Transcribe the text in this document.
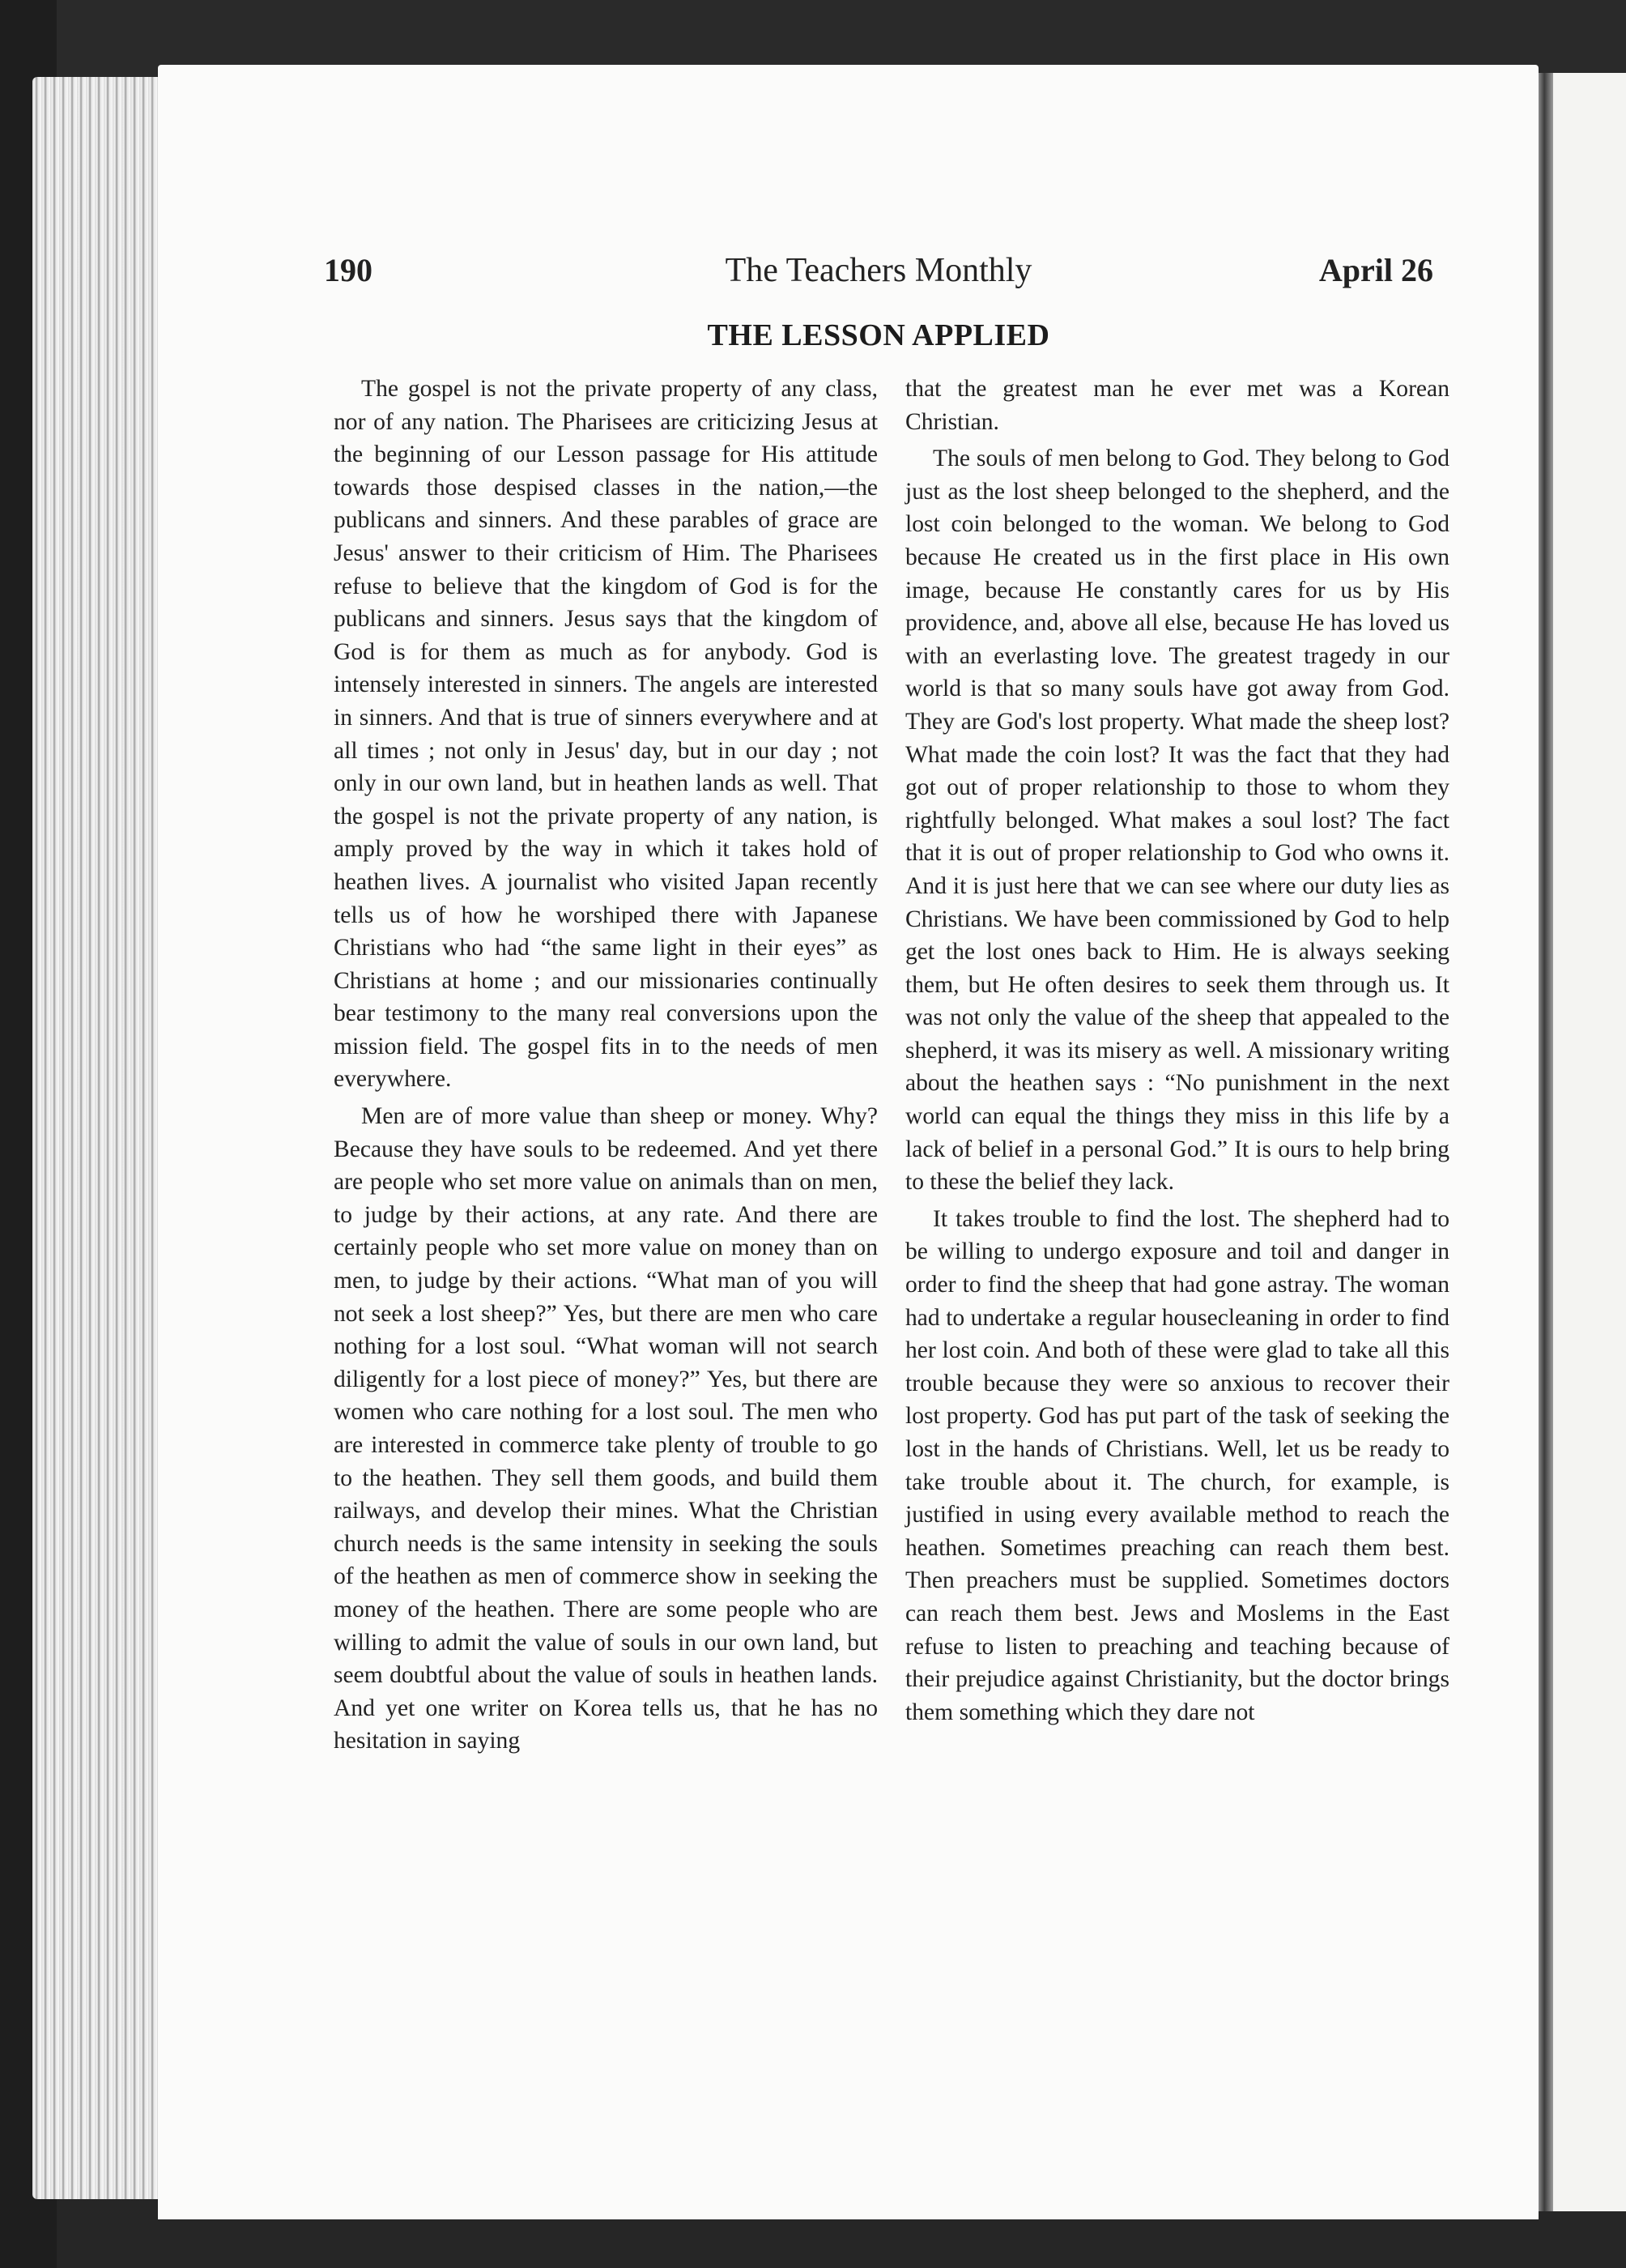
The Teachers Monthly
190	April 26
THE LESSON APPLIED

The gospel is not the private property of any class, nor of any nation. The Pharisees are criticizing Jesus at the beginning of our Lesson passage for His attitude towards those despised classes in the nation,—the publicans and sinners. And these parables of grace are Jesus' answer to their criticism of Him. The Pharisees refuse to believe that the kingdom of God is for the publicans and sinners. Jesus says that the kingdom of God is for them as much as for anybody. God is intensely interested in sinners. The angels are interested in sinners. And that is true of sinners everywhere and at all times ; not only in Jesus' day, but in our day ; not only in our own land, but in heathen lands as well. That the gospel is not the private property of any nation, is amply proved by the way in which it takes hold of heathen lives. A journalist who visited Japan recently tells us of how he worshiped there with Japanese Christians who had “the same light in their eyes” as Christians at home ; and our missionaries continually bear testimony to the many real conversions upon the mission field. The gospel fits in to the needs of men everywhere.

Men are of more value than sheep or money. Why? Because they have souls to be redeemed. And yet there are people who set more value on animals than on men, to judge by their actions, at any rate. And there are certainly people who set more value on money than on men, to judge by their actions. “What man of you will not seek a lost sheep?” Yes, but there are men who care nothing for a lost soul. “What woman will not search diligently for a lost piece of money?” Yes, but there are women who care nothing for a lost soul. The men who are interested in commerce take plenty of trouble to go to the heathen. They sell them goods, and build them railways, and develop their mines. What the Christian church needs is the same intensity in seeking the souls of the heathen as men of commerce show in seeking the money of the heathen. There are some people who are willing to admit the value of souls in our own land, but seem doubtful about the value of souls in heathen lands. And yet one writer on Korea tells us, that he has no hesitation in saying

that the greatest man he ever met was a Korean Christian.

The souls of men belong to God. They belong to God just as the lost sheep belonged to the shepherd, and the lost coin belonged to the woman. We belong to God because He created us in the first place in His own image, because He constantly cares for us by His providence, and, above all else, because He has loved us with an everlasting love. The greatest tragedy in our world is that so many souls have got away from God. They are God's lost property. What made the sheep lost? What made the coin lost? It was the fact that they had got out of proper relationship to those to whom they rightfully belonged. What makes a soul lost? The fact that it is out of proper relationship to God who owns it. And it is just here that we can see where our duty lies as Christians. We have been commissioned by God to help get the lost ones back to Him. He is always seeking them, but He often desires to seek them through us. It was not only the value of the sheep that appealed to the shepherd, it was its misery as well. A missionary writing about the heathen says : “No punishment in the next world can equal the things they miss in this life by a lack of belief in a personal God.” It is ours to help bring to these the belief they lack.

It takes trouble to find the lost. The shepherd had to be willing to undergo exposure and toil and danger in order to find the sheep that had gone astray. The woman had to undertake a regular housecleaning in order to find her lost coin. And both of these were glad to take all this trouble because they were so anxious to recover their lost property. God has put part of the task of seeking the lost in the hands of Christians. Well, let us be ready to take trouble about it. The church, for example, is justified in using every available method to reach the heathen. Sometimes preaching can reach them best. Then preachers must be supplied. Sometimes doctors can reach them best. Jews and Moslems in the East refuse to listen to preaching and teaching because of their prejudice against Christianity, but the doctor brings them something which they dare not
